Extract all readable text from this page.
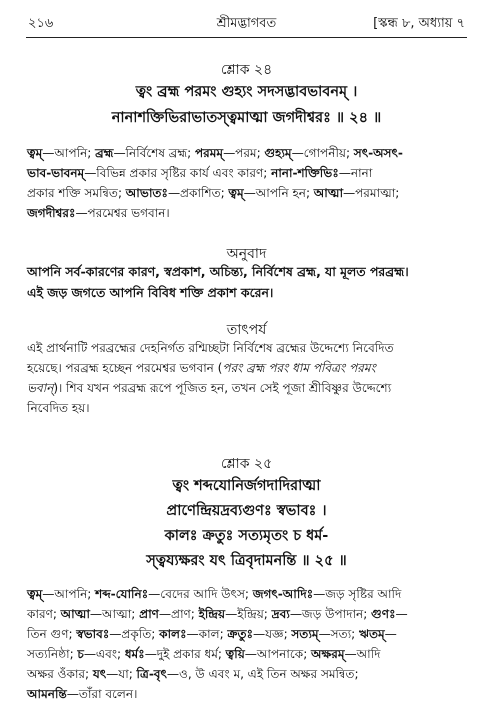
২১৬	শ্রীমদ্ভাগবত	[স্কন্ধ ৮, অধ্যায় ৭
শ্লোক ২৪
ত্বং ব্রহ্ম পরমং গুহ্যং সদসদ্ভাবভাবনম্ ।
নানাশক্তিভিরাভাতস্ত্বমাত্মা জগদীশ্বরঃ ॥ ২৪ ॥
ত্বম্—আপনি; ব্রহ্ম—নির্বিশেষ ব্রহ্ম; পরমম্—পরম; গুহ্যম্—গোপনীয়; সৎ-অসৎ-
ভাব-ভাবনম্—বিভিন্ন প্রকার সৃষ্টির কার্য এবং কারণ; নানা-শক্তিভিঃ—নানা
প্রকার শক্তি সমন্বিত; আভাতঃ—প্রকাশিত; ত্বম্—আপনি হন; আত্মা—পরমাত্মা;
জগদীশ্বরঃ—পরমেশ্বর ভগবান।
অনুবাদ
আপনি সর্ব-কারণের কারণ, স্বপ্রকাশ, অচিন্ত্য, নির্বিশেষ ব্রহ্ম, যা মূলত পরব্রহ্ম।
এই জড় জগতে আপনি বিবিধ শক্তি প্রকাশ করেন।
তাৎপর্য
এই প্রার্থনাটি পরব্রহ্মের দেহনির্গত রশ্মিচ্ছটা নির্বিশেষ ব্রহ্মের উদ্দেশ্যে নিবেদিত
হয়েছে। পরব্রহ্ম হচ্ছেন পরমেশ্বর ভগবান (পরং ব্রহ্ম পরং ধাম পবিত্রং পরমং
ভবান্)। শিব যখন পরব্রহ্ম রূপে পূজিত হন, তখন সেই পূজা শ্রীবিষ্ণুর উদ্দেশ্যে
নিবেদিত হয়।
শ্লোক ২৫
ত্বং শব্দযোনির্জগদাদিরাত্মা
প্রাণেন্দ্রিয়দ্রব্যগুণঃ স্বভাবঃ ।
কালঃ ক্রতুঃ সত্যমৃতং চ ধর্ম-
স্ত্বয্যক্ষরং যৎ ত্রিবৃদামনন্তি ॥ ২৫ ॥
ত্বম্—আপনি; শব্দ-যোনিঃ—বেদের আদি উৎস; জগৎ-আদিঃ—জড় সৃষ্টির আদি
কারণ; আত্মা—আত্মা; প্রাণ—প্রাণ; ইন্দ্রিয়—ইন্দ্রিয়; দ্রব্য—জড় উপাদান; গুণঃ—
তিন গুণ; স্বভাবঃ—প্রকৃতি; কালঃ—কাল; ক্রতুঃ—যজ্ঞ; সত্যম্—সত্য; ঋতম্—
সত্যনিষ্ঠা; চ—এবং; ধর্মঃ—দুই প্রকার ধর্ম; ত্বয়ি—আপনাকে; অক্ষরম্—আদি
অক্ষর ওঁকার; যৎ—যা; ত্রি-বৃৎ—ও, উ এবং ম, এই তিন অক্ষর সমন্বিত;
আমনন্তি—তাঁরা বলেন।
